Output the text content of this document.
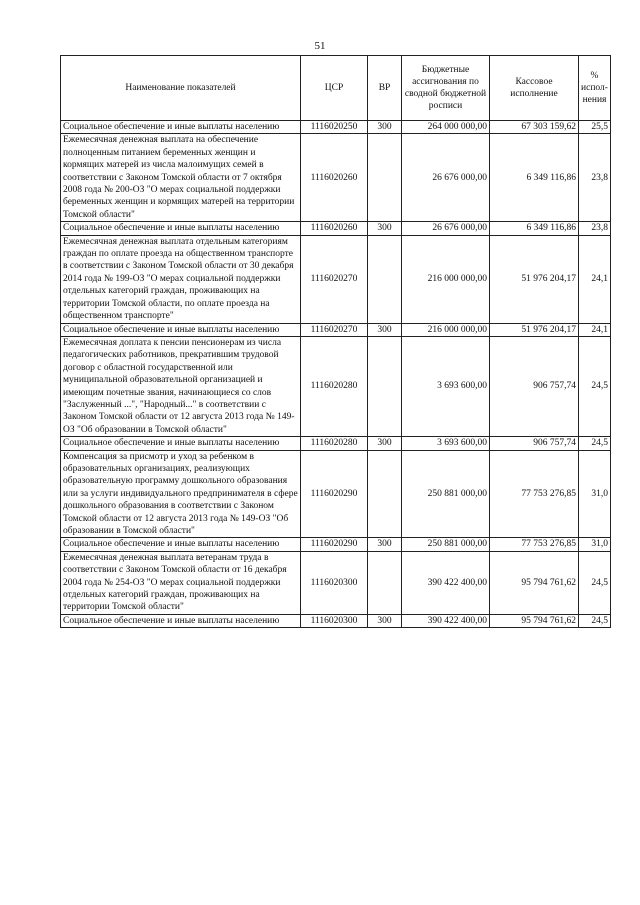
51
Наименование показателей	ЦСР	ВР	Бюджетные ассигнования по сводной бюджетной росписи	Кассовое исполнение	% испол-нения
Социальное обеспечение и иные выплаты населению	1116020250	300	264 000 000,00	67 303 159,62	25,5
Ежемесячная денежная выплата на обеспечение полноценным питанием беременных женщин и кормящих матерей из числа малоимущих семей в соответствии с Законом Томской области от 7 октября 2008 года № 200-ОЗ "О мерах социальной поддержки беременных женщин и кормящих матерей на территории Томской области"	1116020260		26 676 000,00	6 349 116,86	23,8
Социальное обеспечение и иные выплаты населению	1116020260	300	26 676 000,00	6 349 116,86	23,8
Ежемесячная денежная выплата отдельным категориям граждан по оплате проезда на общественном транспорте в соответствии с Законом Томской области от 30 декабря 2014 года № 199-ОЗ "О мерах социальной поддержки отдельных категорий граждан, проживающих на территории Томской области, по оплате проезда на общественном транспорте"	1116020270		216 000 000,00	51 976 204,17	24,1
Социальное обеспечение и иные выплаты населению	1116020270	300	216 000 000,00	51 976 204,17	24,1
Ежемесячная доплата к пенсии пенсионерам из числа педагогических работников, прекратившим трудовой договор с областной государственной или муниципальной образовательной организацией и имеющим почетные звания, начинающиеся со слов "Заслуженный ...", "Народный..." в соответствии с Законом Томской области от 12 августа 2013 года № 149-ОЗ "Об образовании в Томской области"	1116020280		3 693 600,00	906 757,74	24,5
Социальное обеспечение и иные выплаты населению	1116020280	300	3 693 600,00	906 757,74	24,5
Компенсация за присмотр и уход за ребенком в образовательных организациях, реализующих образовательную программу дошкольного образования или за услуги индивидуального предпринимателя в сфере дошкольного образования в соответствии с Законом Томской области от 12 августа 2013 года № 149-ОЗ "Об образовании в Томской области"	1116020290		250 881 000,00	77 753 276,85	31,0
Социальное обеспечение и иные выплаты населению	1116020290	300	250 881 000,00	77 753 276,85	31,0
Ежемесячная денежная выплата ветеранам труда в соответствии с Законом Томской области от 16 декабря 2004 года № 254-ОЗ "О мерах социальной поддержки отдельных категорий граждан, проживающих на территории Томской области"	1116020300		390 422 400,00	95 794 761,62	24,5
Социальное обеспечение и иные выплаты населению	1116020300	300	390 422 400,00	95 794 761,62	24,5
